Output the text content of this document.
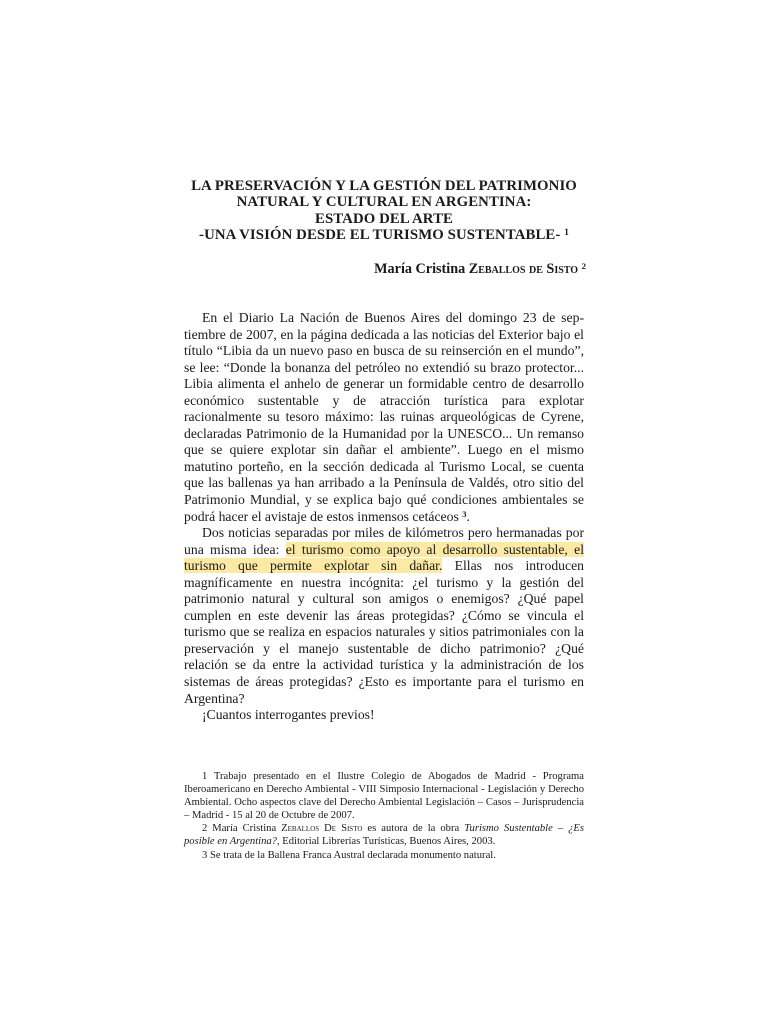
LA PRESERVACIÓN Y LA GESTIÓN DEL PATRIMONIO
NATURAL Y CULTURAL EN ARGENTINA:
ESTADO DEL ARTE
-UNA VISIÓN DESDE EL TURISMO SUSTENTABLE- $^1$
María Cristina Zeballos de Sisto $^2$

En el Diario La Nación de Buenos Aires del domingo 23 de septiembre de 2007, en la página dedicada a las noticias del Exterior bajo el título “Libia da un nuevo paso en busca de su reinserción en el mundo”, se lee: “Donde la bonanza del petróleo no extendió su brazo protector... Libia alimenta el anhelo de generar un formidable centro de desarrollo económico sustentable y de atracción turística para explotar racionalmente su tesoro máximo: las ruinas arqueológicas de Cyrene, declaradas Patrimonio de la Humanidad por la UNESCO... Un remanso que se quiere explotar sin dañar el ambiente”. Luego en el mismo matutino porteño, en la sección dedicada al Turismo Local, se cuenta que las ballenas ya han arribado a la Península de Valdés, otro sitio del Patrimonio Mundial, y se explica bajo qué condiciones ambientales se podrá hacer el avistaje de estos inmensos cetáceos $^3$.

Dos noticias separadas por miles de kilómetros pero hermanadas por una misma idea: el turismo como apoyo al desarrollo sustentable, el turismo que permite explotar sin dañar. Ellas nos introducen magníficamente en nuestra incógnita: ¿el turismo y la gestión del patrimonio natural y cultural son amigos o enemigos? ¿Qué papel cumplen en este devenir las áreas protegidas? ¿Cómo se vincula el turismo que se realiza en espacios naturales y sitios patrimoniales con la preservación y el manejo sustentable de dicho patrimonio? ¿Qué relación se da entre la actividad turística y la administración de los sistemas de áreas protegidas? ¿Esto es importante para el turismo en Argentina?

¡Cuantos interrogantes previos!

1 Trabajo presentado en el Ilustre Colegio de Abogados de Madrid - Programa Iberoamericano en Derecho Ambiental - VIII Simposio Internacional - Legislación y Derecho Ambiental. Ocho aspectos clave del Derecho Ambiental Legislación – Casos – Jurisprudencia – Madrid - 15 al 20 de Octubre de 2007.

2 María Cristina Zeballos De Sisto es autora de la obra Turismo Sustentable – ¿Es posible en Argentina?, Editorial Librerías Turísticas, Buenos Aires, 2003.

3 Se trata de la Ballena Franca Austral declarada monumento natural.
